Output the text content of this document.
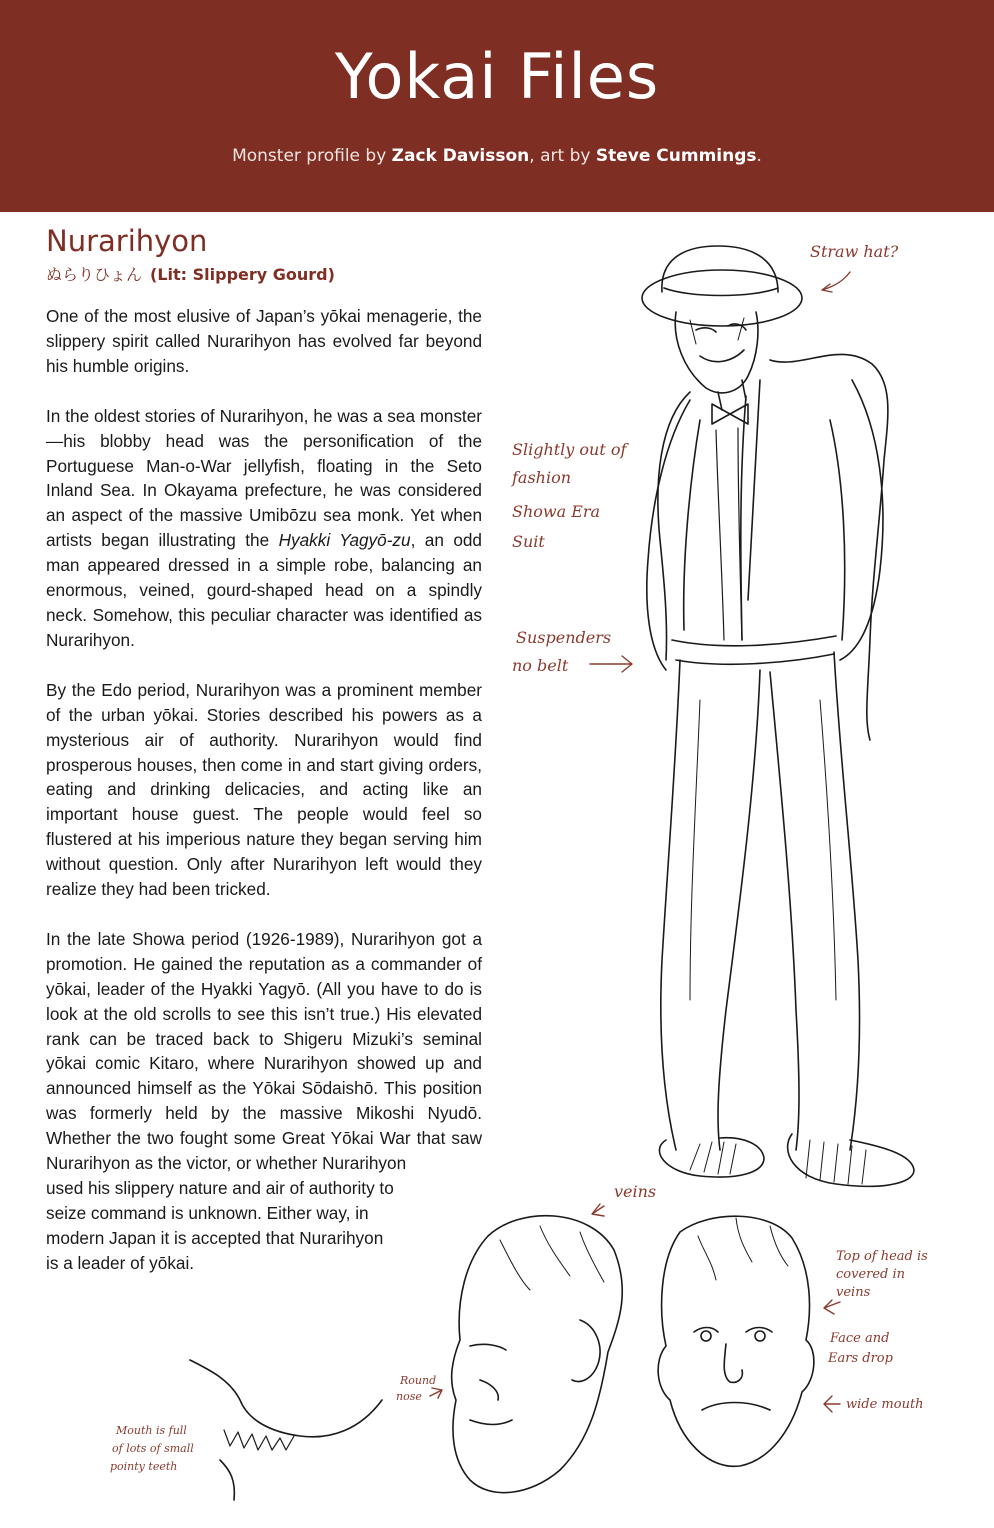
Yokai Files
Monster profile by Zack Davisson, art by Steve Cummings.
Nurarihyon
ぬらりひょん (Lit: Slippery Gourd)

One of the most elusive of Japan’s yōkai menagerie, the slippery spirit called Nurarihyon has evolved far beyond his humble origins.

In the oldest stories of Nurarihyon, he was a sea monster—his blobby head was the personification of the Portuguese Man-o-War jellyfish, floating in the Seto Inland Sea. In Okayama prefecture, he was considered an aspect of the massive Umibōzu sea monk. Yet when artists began illustrating the Hyakki Yagyō-zu, an odd man appeared dressed in a simple robe, balancing an enormous, veined, gourd-shaped head on a spindly neck. Somehow, this peculiar character was identified as Nurarihyon.

By the Edo period, Nurarihyon was a prominent member of the urban yōkai. Stories described his powers as a mysterious air of authority. Nurarihyon would find prosperous houses, then come in and start giving orders, eating and drinking delicacies, and acting like an important house guest. The people would feel so flustered at his imperious nature they began serving him without question. Only after Nurarihyon left would they realize they had been tricked.

In the late Showa period (1926-1989), Nurarihyon got a promotion. He gained the reputation as a commander of yōkai, leader of the Hyakki Yagyō. (All you have to do is look at the old scrolls to see this isn’t true.) His elevated rank can be traced back to Shigeru Mizuki’s seminal yōkai comic Kitaro, where Nurarihyon showed up and announced himself as the Yōkai Sōdaishō. This position was formerly held by the massive Mikoshi Nyudō. Whether the two fought some Great Yōkai War that saw Nurarihyon as the victor, or whether Nurarihyon
used his slippery nature and air of authority to
seize command is unknown. Either way, in
modern Japan it is accepted that Nurarihyon
is a leader of yōkai.

Straw hat?
Slightly out of
fashion
Showa Era
Suit
Suspenders
no belt
veins
Top of head is
covered in
veins
Face and
Ears drop
wide mouth
Round
nose
Mouth is full
of lots of small
pointy teeth
